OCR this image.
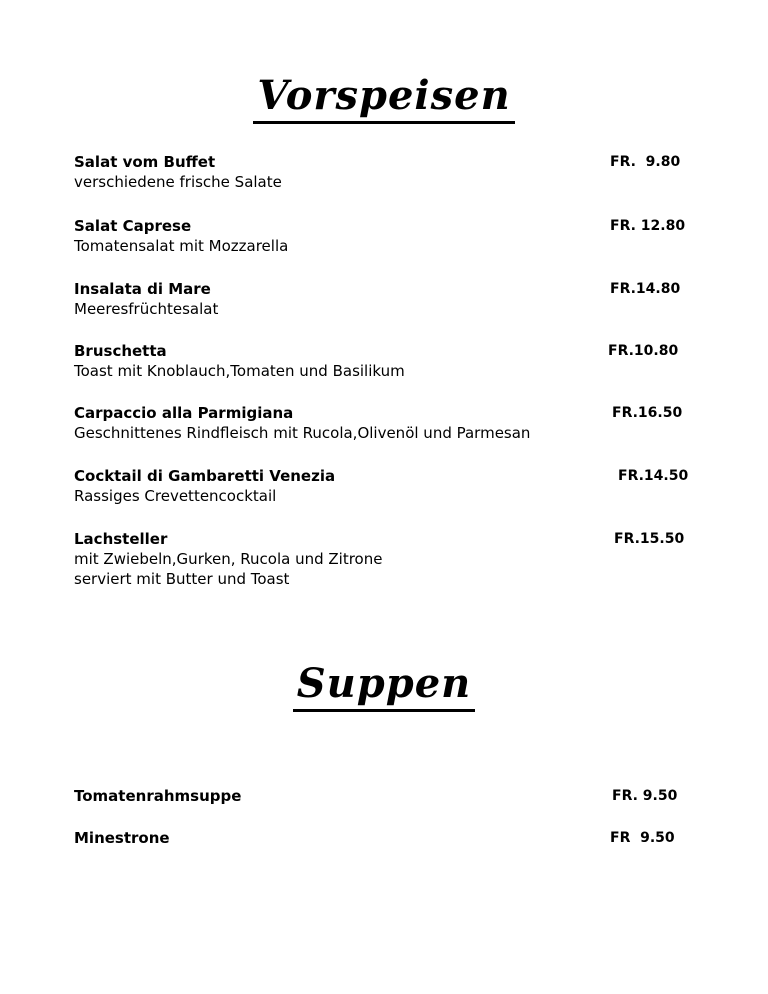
Vorspeisen
Salat vom Buffet
verschiedene frische Salate
FR.  9.80
Salat Caprese
Tomatensalat mit Mozzarella
FR. 12.80
Insalata di Mare
Meeresfrüchtesalat
FR.14.80
Bruschetta
Toast mit Knoblauch,Tomaten und Basilikum
FR.10.80
Carpaccio alla Parmigiana
Geschnittenes Rindfleisch mit Rucola,Olivenöl und Parmesan
FR.16.50
Cocktail di Gambaretti Venezia
Rassiges Crevettencocktail
FR.14.50
Lachsteller
mit Zwiebeln,Gurken, Rucola und Zitrone
serviert mit Butter und Toast
FR.15.50
Suppen
Tomatenrahmsuppe	FR. 9.50
Minestrone	FR  9.50
